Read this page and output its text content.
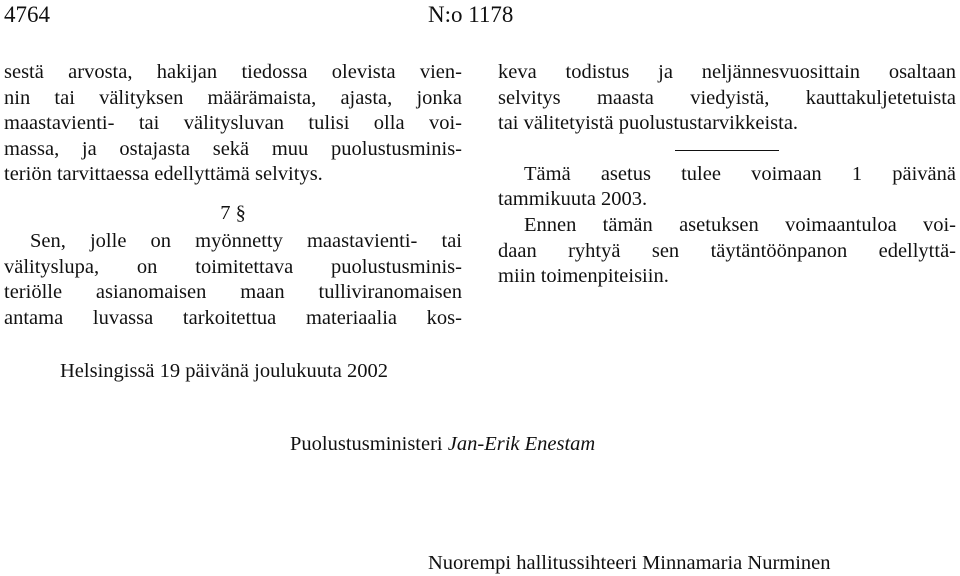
4764	N:o 1178
sestä arvosta, hakijan tiedossa olevista vien-
nin tai välityksen määrämaista, ajasta, jonka
maastavienti- tai välitysluvan tulisi olla voi-
massa, ja ostajasta sekä muu puolustusminis-
teriön tarvittaessa edellyttämä selvitys.
7 §
Sen, jolle on myönnetty maastavienti- tai
välityslupa, on toimitettava puolustusminis-
teriölle asianomaisen maan tulliviranomaisen
antama luvassa tarkoitettua materiaalia kos-
keva todistus ja neljännesvuosittain osaltaan
selvitys maasta viedyistä, kauttakuljetetuista
tai välitetyistä puolustustarvikkeista.
Tämä asetus tulee voimaan 1 päivänä
tammikuuta 2003.
Ennen tämän asetuksen voimaantuloa voi-
daan ryhtyä sen täytäntöönpanon edellyttä-
miin toimenpiteisiin.
Helsingissä 19 päivänä joulukuuta 2002
Puolustusministeri Jan-Erik Enestam
Nuorempi hallitussihteeri Minnamaria Nurminen
